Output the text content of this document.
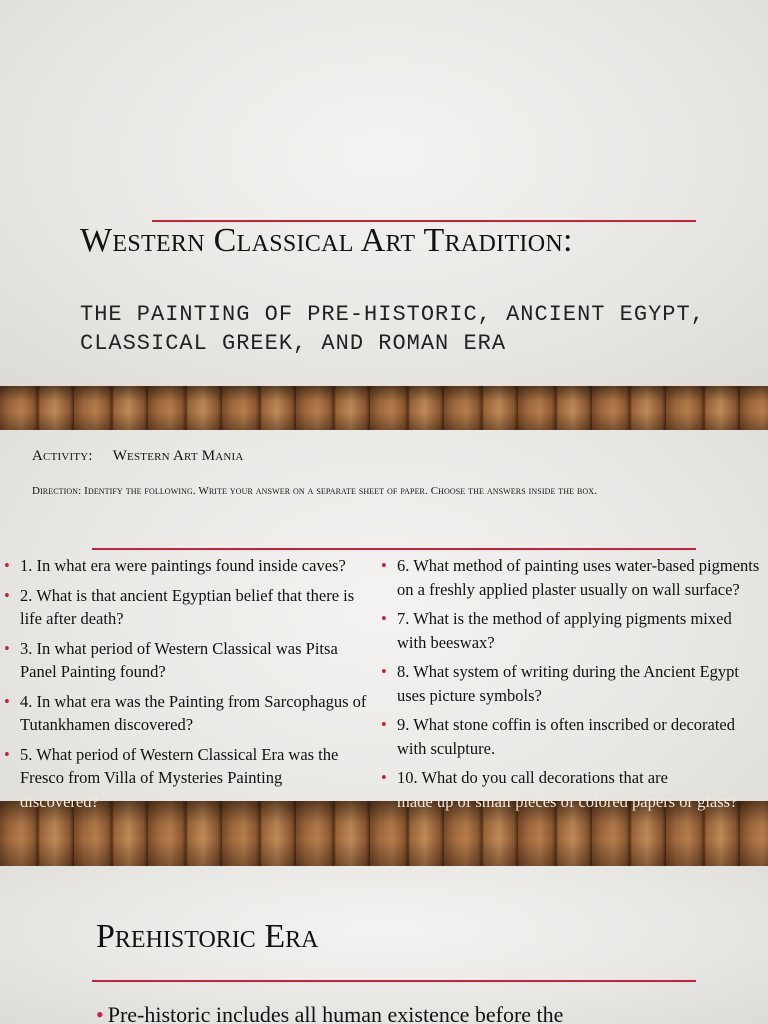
Western Classical Art Tradition:
THE PAINTING OF PRE-HISTORIC, ANCIENT EGYPT,
CLASSICAL GREEK, AND ROMAN ERA
Activity: Western Art Mania
Direction: Identify the following. Write your answer on a separate sheet of paper. Choose the answers inside the box.
• 1. In what era were paintings found inside caves?
• 2. What is that ancient Egyptian belief that there is life after death?
• 3. In what period of Western Classical was Pitsa Panel Painting found?
• 4. In what era was the Painting from Sarcophagus of Tutankhamen discovered?
• 5. What period of Western Classical Era was the Fresco from Villa of Mysteries Painting
discovered?
• 6. What method of painting uses water-based pigments on a freshly applied plaster usually on wall surface?
• 7. What is the method of applying pigments mixed with beeswax?
• 8. What system of writing during the Ancient Egypt uses picture symbols?
• 9. What stone coffin is often inscribed or decorated with sculpture.
• 10. What do you call decorations that are
made up of small pieces of colored papers or glass?
Prehistoric Era
• Pre-historic includes all human existence before the
